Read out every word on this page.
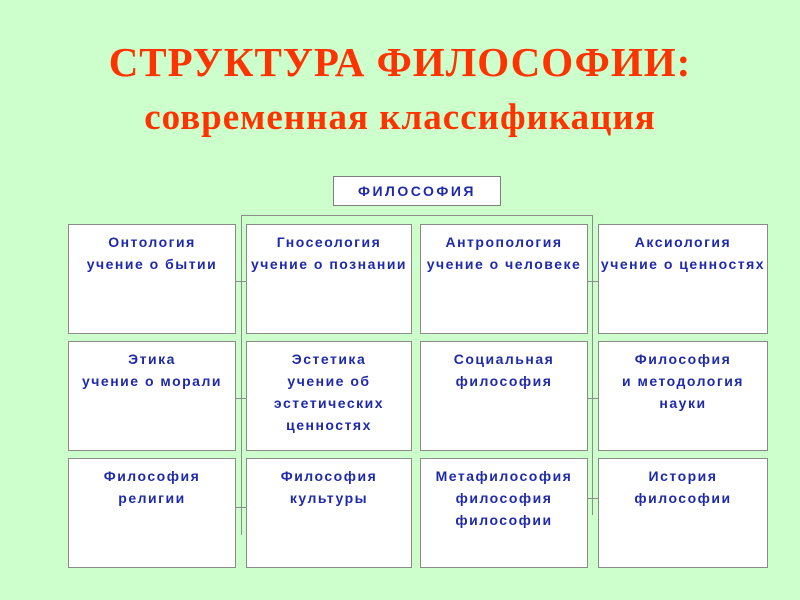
СТРУКТУРА ФИЛОСОФИИ:
современная классификация
ФИЛОСОФИЯ
Онтология
учение о бытии
Гносеология
учение о познании
Антропология
учение о человеке
Аксиология
учение о ценностях
Этика
учение о морали
Эстетика
учение об
эстетических
ценностях
Социальная
философия
Философия
и методология
науки
Философия
религии
Философия
культуры
Метафилософия
философия
философии
История
философии
